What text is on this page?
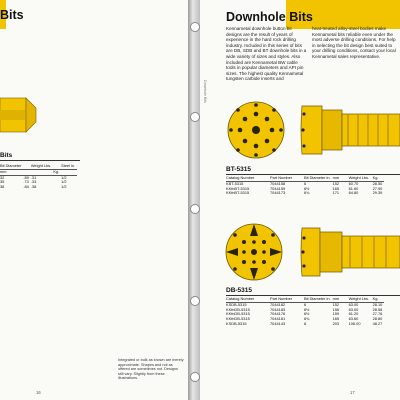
Bits
Bits
Bit Diameter		Weight Lbs.		Steel in.
mm			Kg.	
32	.89	.31		1/2
35	.73	.33		1/2
38	.84	.38		1/2
Integrated or bulk as shown are merely approximate. Shapes and not as offered are sometimes not. Designs still vary. Slightly from these illustrations.
16
Downhole Bits
Kennametal downhole button bit designs are the result of years of experience in the hard rock drilling industry. Included in this series of bits are DB, SDB and BT downhole bits in a wide variety of sizes and styles. Also included are Kennametal BW cable tools in popular diameters and API pin sizes. The highest quality Kennametal tungsten carbide inserts and
heat-treated alloy-steel bodies make Kennametal bits reliable even under the most adverse drilling conditions. For help in selecting the bit design best suited to your drilling conditions, contact your local Kennametal sales representative.
Downhole Bits
BT-5315
Catalog Number	Part Number	Bit Diameter in.	mm	Weight Lbs.	Kg.
KBT-5315	7044158	6	152	60.70	28.50
KKfnBT-5315	7044159	6½	165	61.60	27.90
KKfnBT-5315	7044173	6¾	171	64.80	29.39
DB-5315
Catalog Number	Part Number	Bit Diameter in.	mm	Weight Lbs.	Kg.
KSDB-5315	7044182	6	152	63.00	28.10
KKfnDB-5315	7044183	6½	156	63.00	28.58
KKfnDB-5315	7044176	6½	159	61.20	27.76
KKfnDB-5315	7044181	6¾	165	63.60	28.80
KSDB-5315	7044143	8	203	106.00	48.27
17
